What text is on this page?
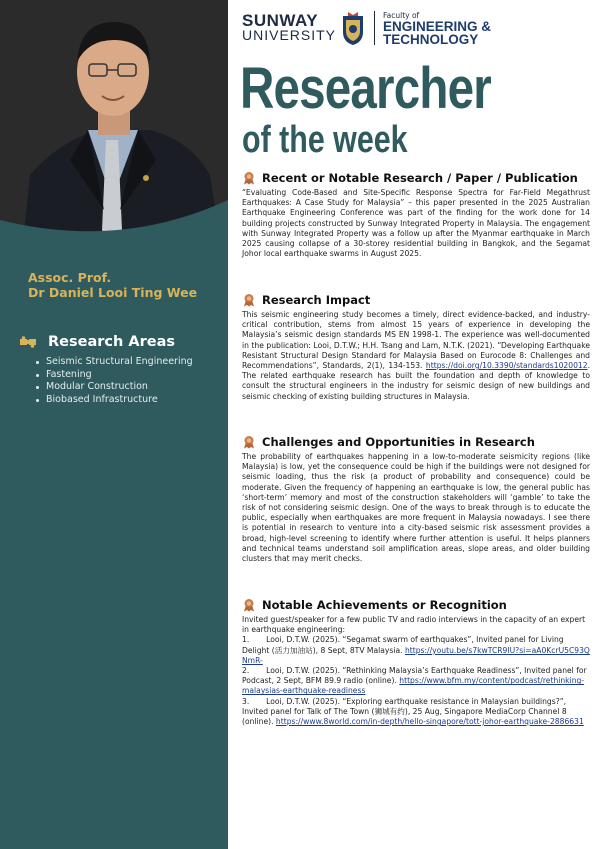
Assoc. Prof.
Dr Daniel Looi Ting Wee
Research Areas
Seismic Structural Engineering
Fastening
Modular Construction
Biobased Infrastructure
SUNWAY
UNIVERSITY
Faculty of
ENGINEERING &
TECHNOLOGY
Researcher
of the week
Recent or Notable Research / Paper / Publication
“Evaluating Code-Based and Site-Specific Response Spectra for Far-Field Megathrust Earthquakes: A Case Study for Malaysia” – this paper presented in the 2025 Australian Earthquake Engineering Conference was part of the finding for the work done for 14 building projects constructed by Sunway Integrated Property in Malaysia. The engagement with Sunway Integrated Property was a follow up after the Myanmar earthquake in March 2025 causing collapse of a 30-storey residential building in Bangkok, and the Segamat Johor local earthquake swarms in August 2025.
Research Impact
This seismic engineering study becomes a timely, direct evidence-backed, and industry-critical contribution, stems from almost 15 years of experience in developing the Malaysia’s seismic design standards MS EN 1998-1. The experience was well-documented in the publication: Looi, D.T.W.; H.H. Tsang and Lam, N.T.K. (2021). “Developing Earthquake Resistant Structural Design Standard for Malaysia Based on Eurocode 8: Challenges and Recommendations”, Standards, 2(1), 134-153. https://doi.org/10.3390/standards1020012. The related earthquake research has built the foundation and depth of knowledge to consult the structural engineers in the industry for seismic design of new buildings and seismic checking of existing building structures in Malaysia.
Challenges and Opportunities in Research
The probability of earthquakes happening in a low-to-moderate seismicity regions (like Malaysia) is low, yet the consequence could be high if the buildings were not designed for seismic loading, thus the risk (a product of probability and consequence) could be moderate. Given the frequency of happening an earthquake is low, the general public has ‘short-term’ memory and most of the construction stakeholders will ‘gamble’ to take the risk of not considering seismic design. One of the ways to break through is to educate the public, especially when earthquakes are more frequent in Malaysia nowadays. I see there is potential in research to venture into a city-based seismic risk assessment provides a broad, high-level screening to identify where further attention is useful. It helps planners and technical teams understand soil amplification areas, slope areas, and older building clusters that may merit checks.
Notable Achievements or Recognition
Invited guest/speaker for a few public TV and radio interviews in the capacity of an expert in earthquake engineering:
1.       Looi, D.T.W. (2025). “Segamat swarm of earthquakes”, Invited panel for Living Delight (活力加油站), 8 Sept, 8TV Malaysia. https://youtu.be/s7kwTCR9IU?si=aA0KcrU5C93QNmR-
2.       Looi, D.T.W. (2025). “Rethinking Malaysia’s Earthquake Readiness”, Invited panel for Podcast, 2 Sept, BFM 89.9 radio (online). https://www.bfm.my/content/podcast/rethinking-malaysias-earthquake-readiness
3.       Looi, D.T.W. (2025). “Exploring earthquake resistance in Malaysian buildings?”, Invited panel for Talk of The Town (狮城有约), 25 Aug, Singapore MediaCorp Channel 8 (online). https://www.8world.com/in-depth/hello-singapore/tott-johor-earthquake-2886631
